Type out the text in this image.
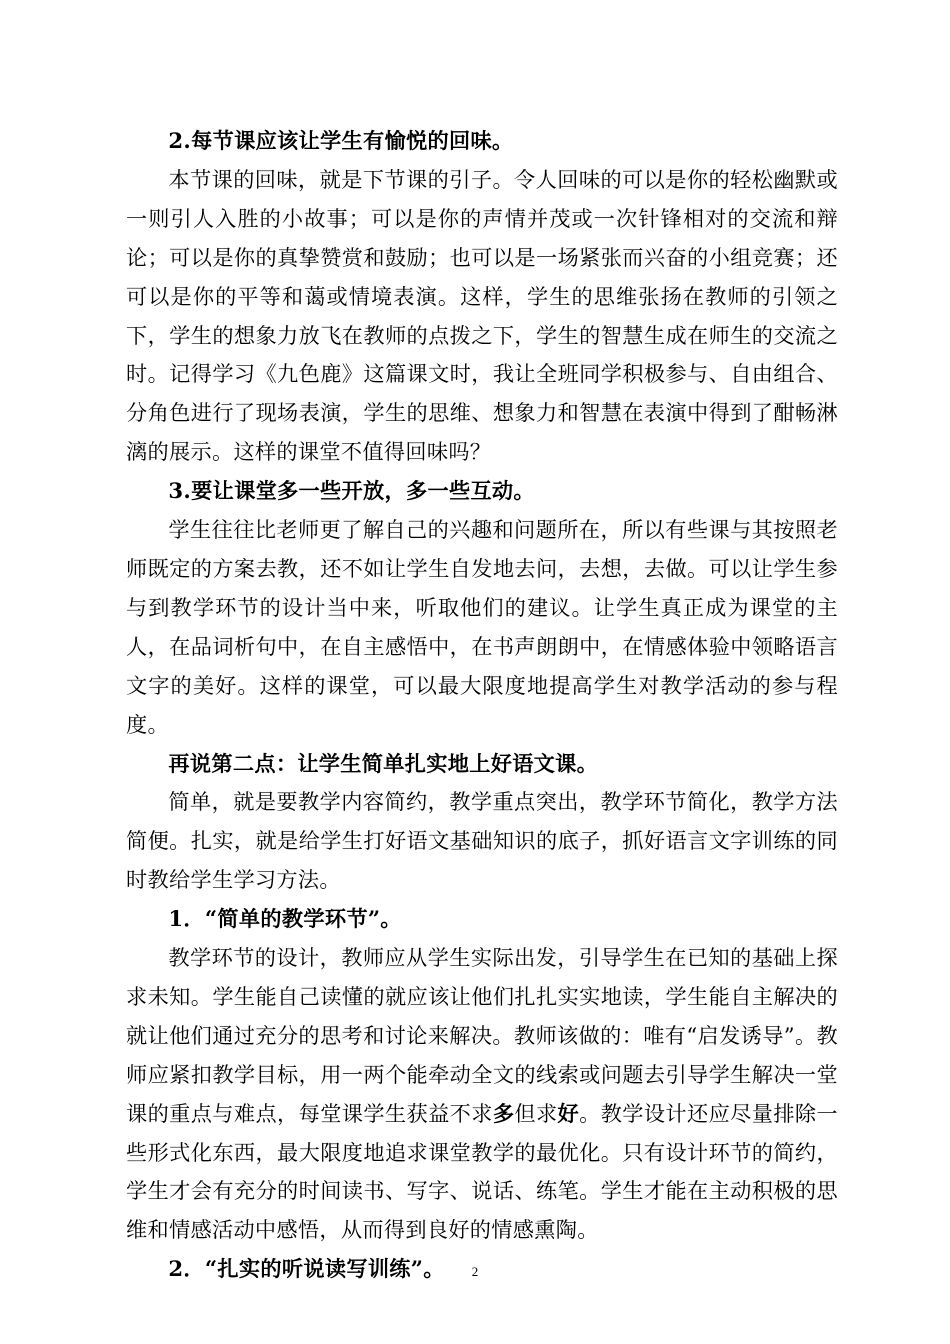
2.每节课应该让学生有愉悦的回味。

本节课的回味，就是下节课的引子。令人回味的可以是你的轻松幽默或一则引人入胜的小故事；可以是你的声情并茂或一次针锋相对的交流和辩论；可以是你的真挚赞赏和鼓励；也可以是一场紧张而兴奋的小组竞赛；还可以是你的平等和蔼或情境表演。这样，学生的思维张扬在教师的引领之下，学生的想象力放飞在教师的点拨之下，学生的智慧生成在师生的交流之时。记得学习《九色鹿》这篇课文时，我让全班同学积极参与、自由组合、分角色进行了现场表演，学生的思维、想象力和智慧在表演中得到了酣畅淋漓的展示。这样的课堂不值得回味吗？

3.要让课堂多一些开放，多一些互动。

学生往往比老师更了解自己的兴趣和问题所在，所以有些课与其按照老师既定的方案去教，还不如让学生自发地去问，去想，去做。可以让学生参与到教学环节的设计当中来，听取他们的建议。让学生真正成为课堂的主人，在品词析句中，在自主感悟中，在书声朗朗中，在情感体验中领略语言文字的美好。这样的课堂，可以最大限度地提高学生对教学活动的参与程度。

再说第二点：让学生简单扎实地上好语文课。

简单，就是要教学内容简约，教学重点突出，教学环节简化，教学方法简便。扎实，就是给学生打好语文基础知识的底子，抓好语言文字训练的同时教给学生学习方法。

1．“简单的教学环节”。

教学环节的设计，教师应从学生实际出发，引导学生在已知的基础上探求未知。学生能自己读懂的就应该让他们扎扎实实地读，学生能自主解决的就让他们通过充分的思考和讨论来解决。教师该做的：唯有“启发诱导”。教师应紧扣教学目标，用一两个能牵动全文的线索或问题去引导学生解决一堂课的重点与难点，每堂课学生获益不求多但求好。教学设计还应尽量排除一些形式化东西，最大限度地追求课堂教学的最优化。只有设计环节的简约，学生才会有充分的时间读书、写字、说话、练笔。学生才能在主动积极的思维和情感活动中感悟，从而得到良好的情感熏陶。

2．“扎实的听说读写训练”。	2
